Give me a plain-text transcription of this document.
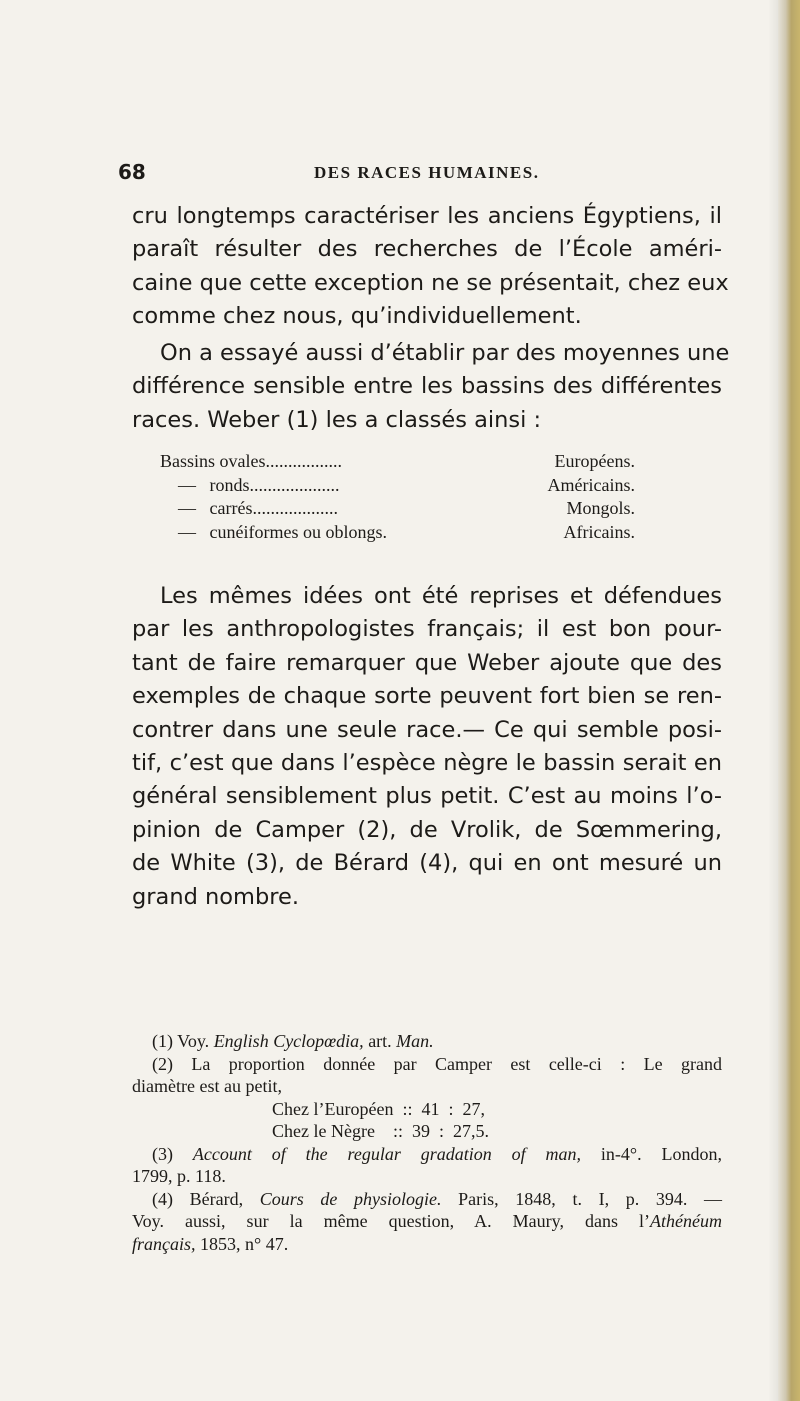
68	DES RACES HUMAINES.
cru longtemps caractériser les anciens Égyptiens, il
paraît résulter des recherches de l’École améri-
caine que cette exception ne se présentait, chez eux
comme chez nous, qu’individuellement.
On a essayé aussi d’établir par des moyennes une
différence sensible entre les bassins des différentes
races. Weber (1) les a classés ainsi :
Bassins ovales.................	Européens.
—   ronds....................	Américains.
—   carrés...................	Mongols.
—   cunéiformes ou oblongs.	Africains.
Les mêmes idées ont été reprises et défendues
par les anthropologistes français; il est bon pour-
tant de faire remarquer que Weber ajoute que des
exemples de chaque sorte peuvent fort bien se ren-
contrer dans une seule race.— Ce qui semble posi-
tif, c’est que dans l’espèce nègre le bassin serait en
général sensiblement plus petit. C’est au moins l’o-
pinion de Camper (2), de Vrolik, de Sœmmering,
de White (3), de Bérard (4), qui en ont mesuré un
grand nombre.
(1) Voy. English Cyclopœdia, art. Man.
(2) La proportion donnée par Camper est celle-ci : Le grand
diamètre est au petit,
Chez l’Européen  ::  41  :  27,
Chez le Nègre    ::  39  :  27,5.
(3) Account of the regular gradation of man, in-4°. London,
1799, p. 118.
(4) Bérard, Cours de physiologie. Paris, 1848, t. I, p. 394. —
Voy. aussi, sur la même question, A. Maury, dans l’Athénéum
français, 1853, n° 47.
